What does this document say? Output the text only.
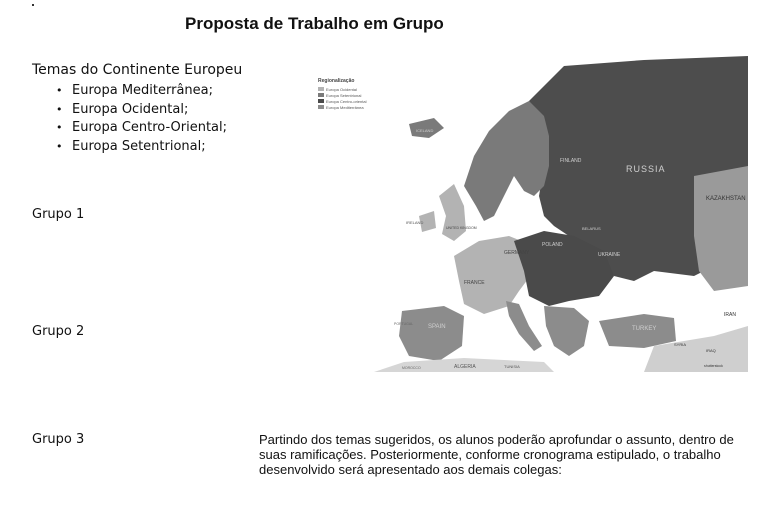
Proposta de Trabalho em Grupo
Temas do Continente Europeu
• Europa Mediterrânea;
• Europa Ocidental;
• Europa Centro-Oriental;
• Europa Setentrional;
Grupo 1
Grupo 2
Grupo 3	Partindo dos temas sugeridos, os alunos poderão aprofundar o assunto, dentro de suas ramificações. Posteriormente, conforme cronograma estipulado, o trabalho desenvolvido será apresentado aos demais colegas:
Regionalização
Europa Ocidental
Europa Setentrional
Europa Centro-oriental
Europa Mediterrânea
RUSSIA
KAZAKHSTAN
FINLAND
ICELAND
IRELAND
UNITED KINGDOM	BELARUS
POLAND
GERMANY	UKRAINE
FRANCE
SPAIN
PORTUGAL
TURKEY
IRAN
SYRIA
IRAQ
ALGERIA	TUNISIA
MOROCCO	shutterstock
